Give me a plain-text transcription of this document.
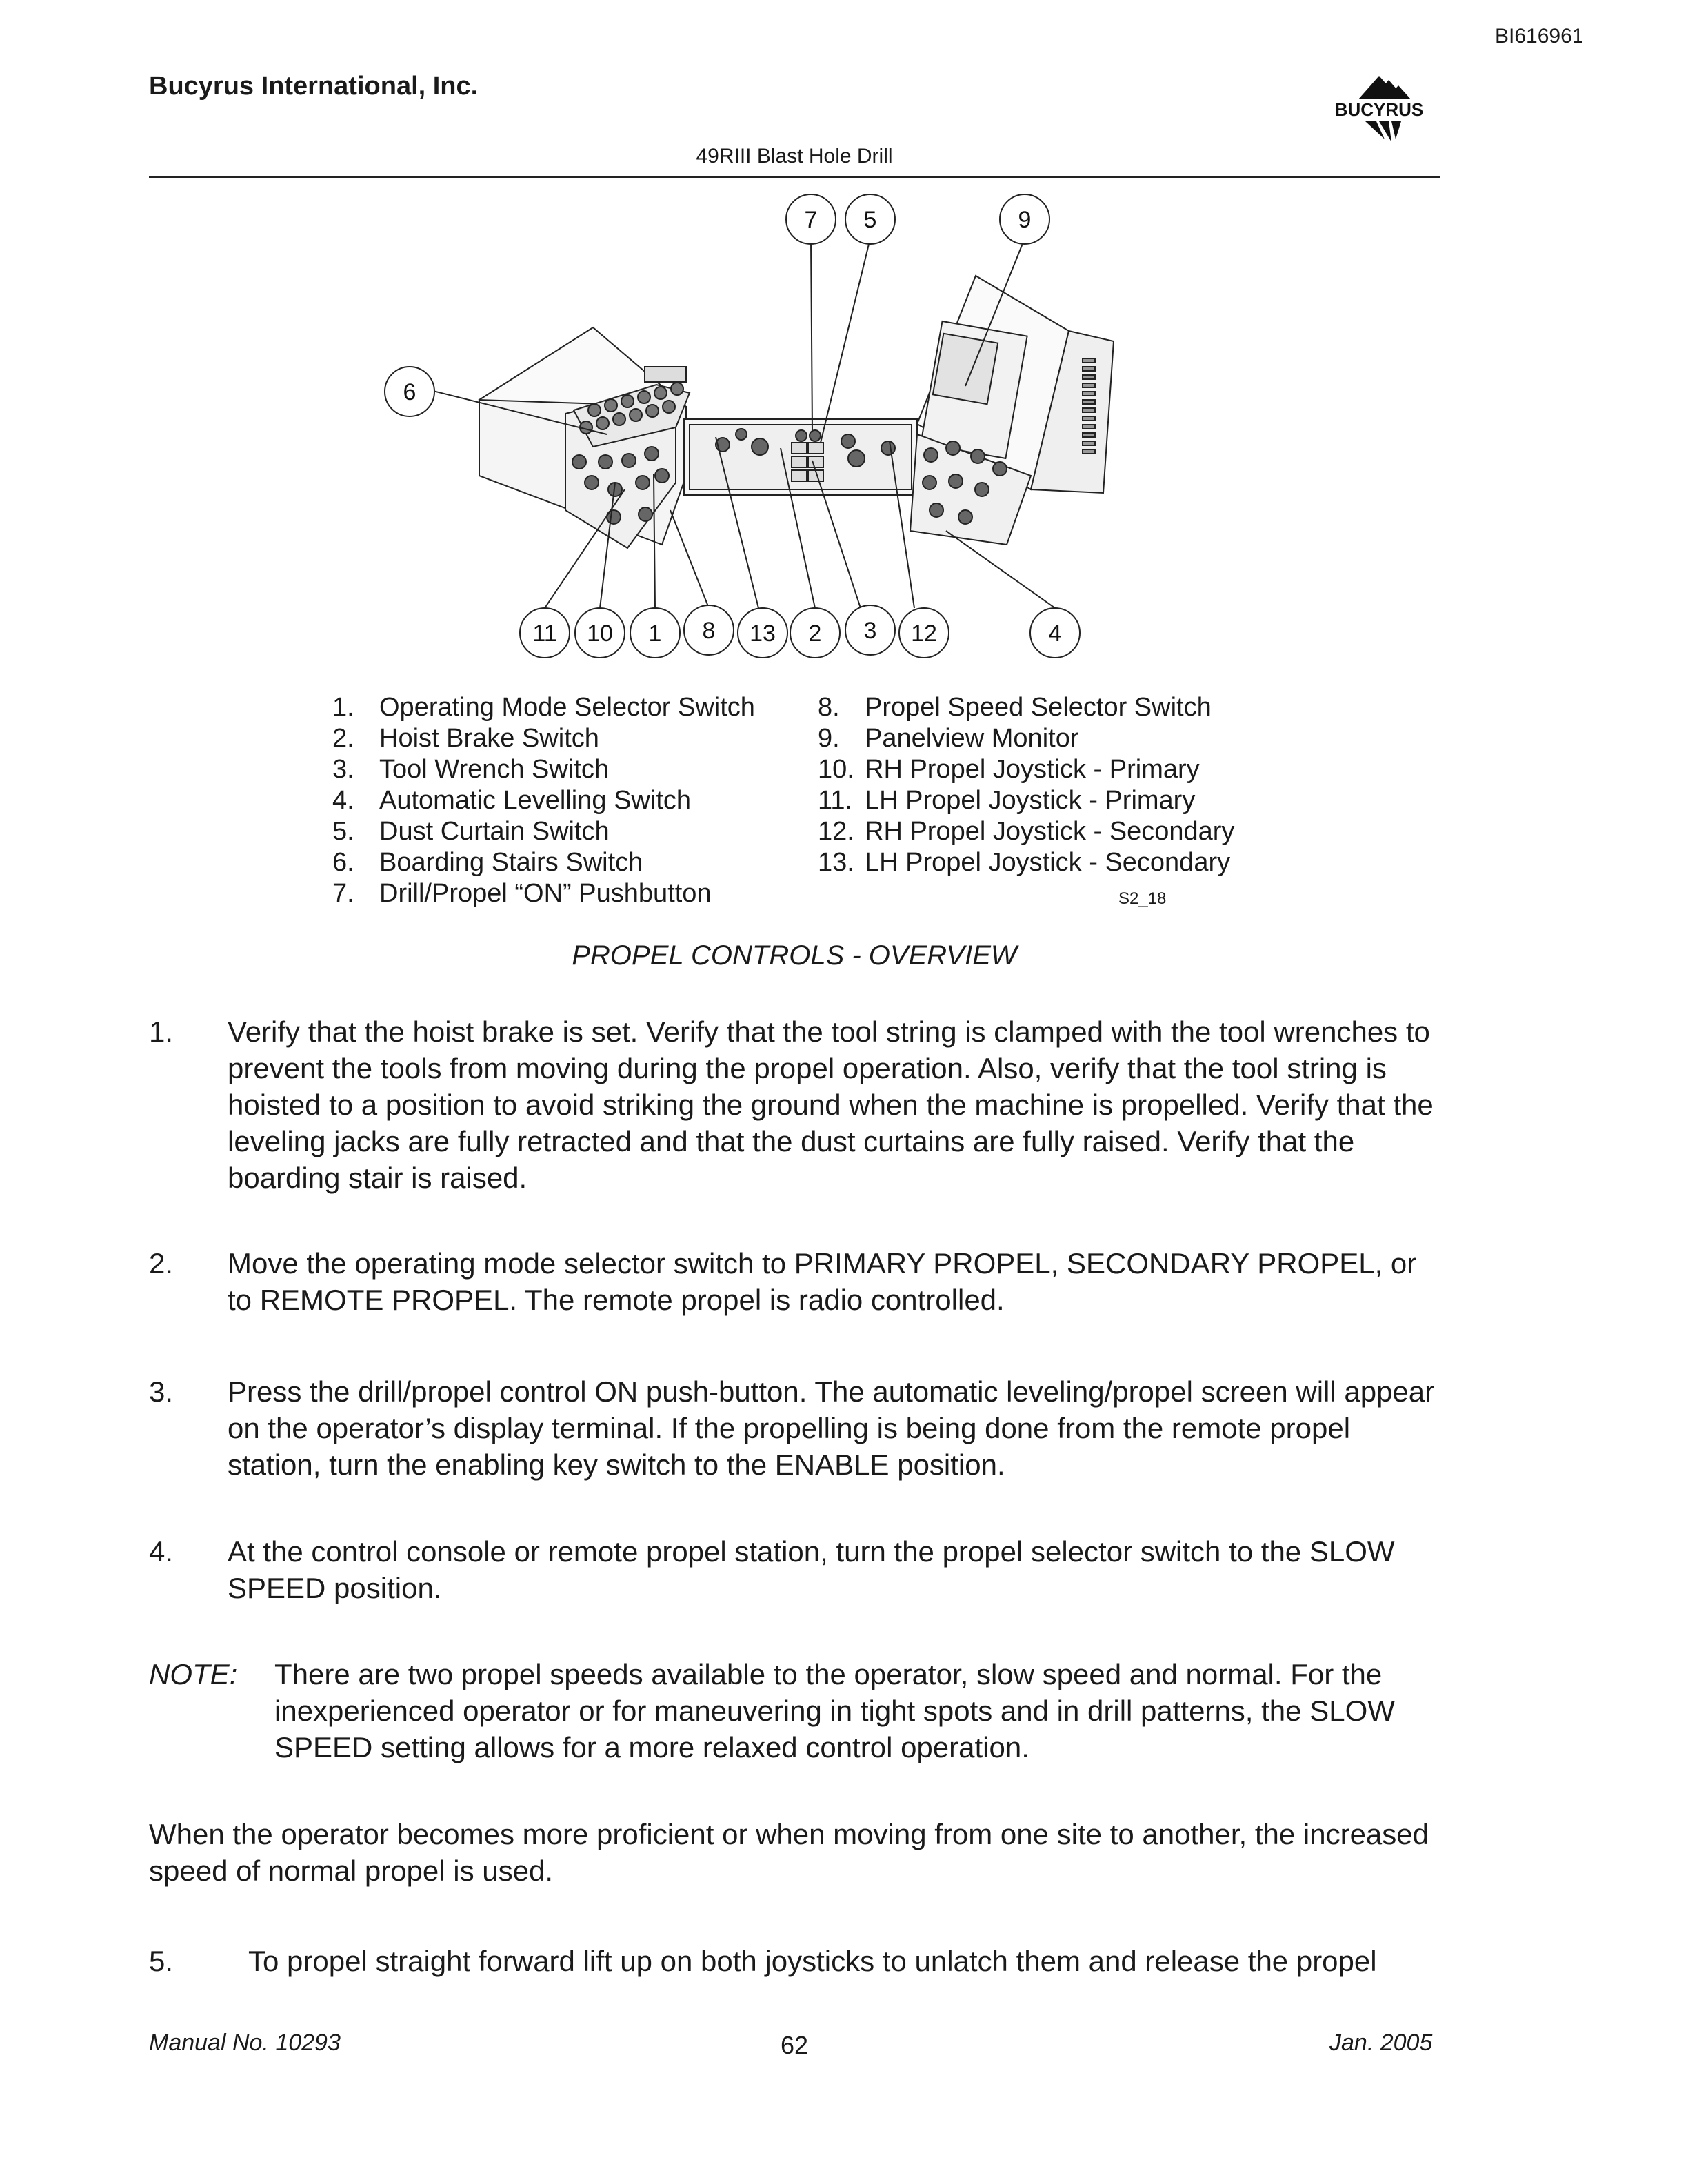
BI616961
Bucyrus International, Inc.
49RIII Blast Hole Drill
BUCYRUS
7 5	9
6
11 10 1 8 13 2 3 12	4
1. Operating Mode Selector Switch
2. Hoist Brake Switch
3. Tool Wrench Switch
4. Automatic Levelling Switch
5. Dust Curtain Switch
6. Boarding Stairs Switch
7. Drill/Propel “ON” Pushbutton
8. Propel Speed Selector Switch
9. Panelview Monitor
10. RH Propel Joystick - Primary
11. LH Propel Joystick - Primary
12. RH Propel Joystick - Secondary
13. LH Propel Joystick - Secondary
S2_18
PROPEL CONTROLS - OVERVIEW
1. Verify that the hoist brake is set. Verify that the tool string is clamped with the tool wrenches to prevent the tools from moving during the propel operation. Also, verify that the tool string is hoisted to a position to avoid striking the ground when the machine is propelled. Verify that the leveling jacks are fully retracted and that the dust curtains are fully raised. Verify that the boarding stair is raised.
2. Move the operating mode selector switch to PRIMARY PROPEL, SECONDARY PROPEL, or to REMOTE PROPEL. The remote propel is radio controlled.
3. Press the drill/propel control ON push-button. The automatic leveling/propel screen will appear on the operator’s display terminal. If the propelling is being done from the remote propel station, turn the enabling key switch to the ENABLE position.
4. At the control console or remote propel station, turn the propel selector switch to the SLOW SPEED position.
NOTE: There are two propel speeds available to the operator, slow speed and normal. For the inexperienced operator or for maneuvering in tight spots and in drill patterns, the SLOW SPEED setting allows for a more relaxed control operation.
When the operator becomes more proficient or when moving from one site to another, the increased speed of normal propel is used.
5.	To propel straight forward lift up on both joysticks to unlatch them and release the propel
Manual No. 10293	62	Jan. 2005
